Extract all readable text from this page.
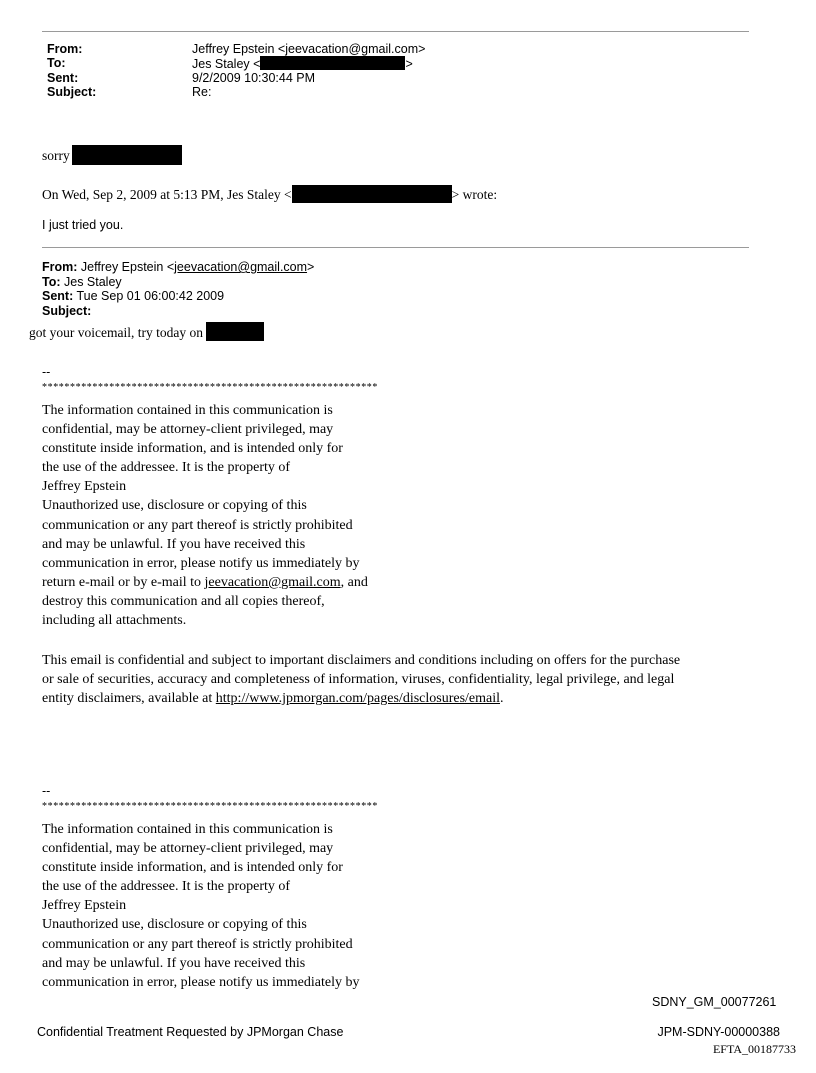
From:	Jeffrey Epstein <jeevacation@gmail.com>
To:	Jes Staley <	>
Sent:	9/2/2009 10:30:44 PM
Subject:	Re:
sorry
On Wed, Sep 2, 2009 at 5:13 PM, Jes Staley <	> wrote:
I just tried you.
From: Jeffrey Epstein <jeevacation@gmail.com>
To: Jes Staley
Sent: Tue Sep 01 06:00:42 2009
Subject:
got your voicemail, try today on
--
************************************************************
The information contained in this communication is
confidential, may be attorney-client privileged, may
constitute inside information, and is intended only for
the use of the addressee. It is the property of
Jeffrey Epstein
Unauthorized use, disclosure or copying of this
communication or any part thereof is strictly prohibited
and may be unlawful. If you have received this
communication in error, please notify us immediately by
return e-mail or by e-mail to jeevacation@gmail.com, and
destroy this communication and all copies thereof,
including all attachments.
This email is confidential and subject to important disclaimers and conditions including on offers for the purchase
or sale of securities, accuracy and completeness of information, viruses, confidentiality, legal privilege, and legal
entity disclaimers, available at http://www.jpmorgan.com/pages/disclosures/email.
--
************************************************************
The information contained in this communication is
confidential, may be attorney-client privileged, may
constitute inside information, and is intended only for
the use of the addressee. It is the property of
Jeffrey Epstein
Unauthorized use, disclosure or copying of this
communication or any part thereof is strictly prohibited
and may be unlawful. If you have received this
communication in error, please notify us immediately by
SDNY_GM_00077261
Confidential Treatment Requested by JPMorgan Chase	JPM-SDNY-00000388
EFTA_00187733
